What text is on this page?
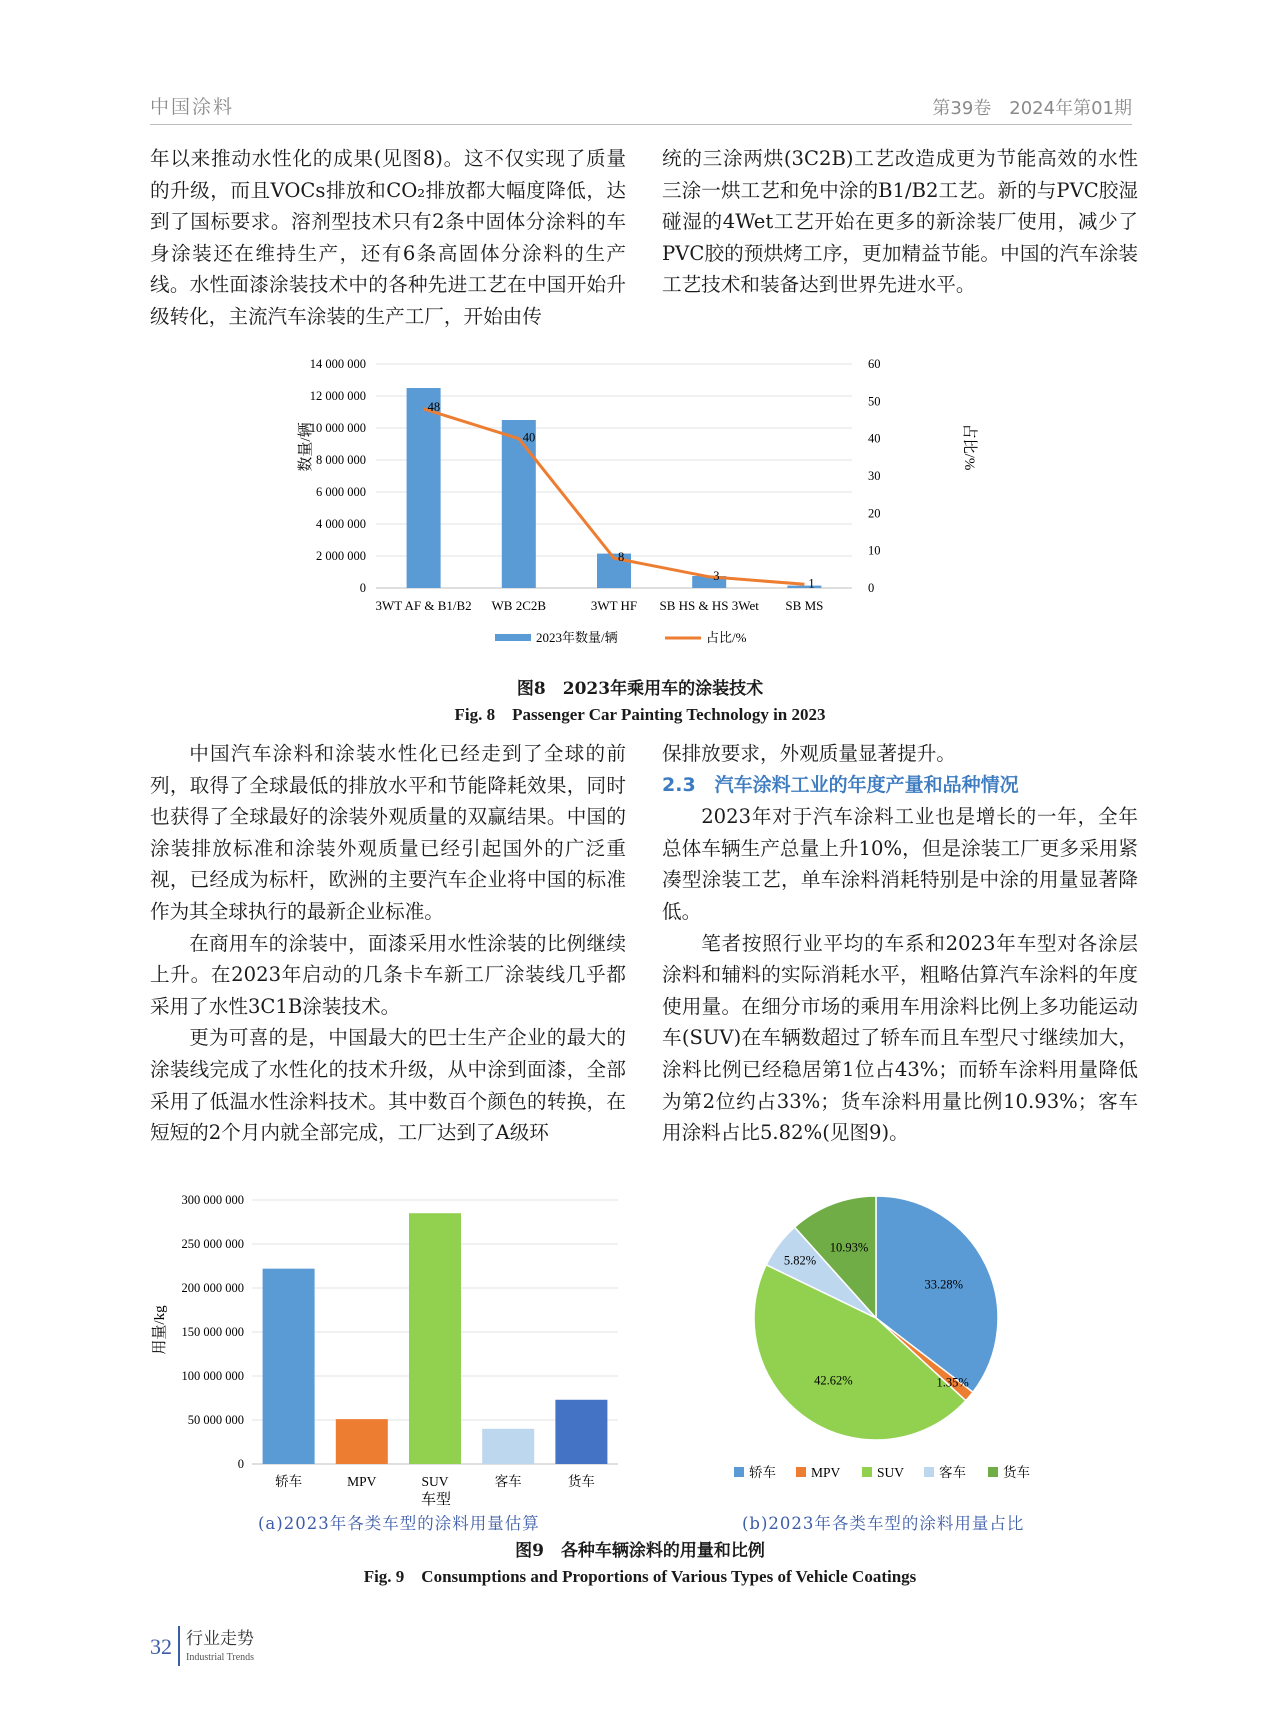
中国涂料	第39卷　2024年第01期

年以来推动水性化的成果(见图8)。这不仅实现了质量的升级，而且VOCs排放和CO₂排放都大幅度降低，达到了国标要求。溶剂型技术只有2条中固体分涂料的车身涂装还在维持生产，还有6条高固体分涂料的生产线。水性面漆涂装技术中的各种先进工艺在中国开始升级转化，主流汽车涂装的生产工厂，开始由传

统的三涂两烘(3C2B)工艺改造成更为节能高效的水性三涂一烘工艺和免中涂的B1/B2工艺。新的与PVC胶湿碰湿的4Wet工艺开始在更多的新涂装厂使用，减少了PVC胶的预烘烤工序，更加精益节能。中国的汽车涂装工艺技术和装备达到世界先进水平。

0
2 000 000
4 000 000
6 000 000
8 000 000
10 000 000
12 000 000
14 000 000
0
10
20
30
40
50
60
48
40
8
3
1
3WT AF & B1/B2 WB 2C2B	3WT HF SB HS & HS 3Wet SB MS
数量/辆	占比/%
2023年数量/辆	占比/%
图8　2023年乘用车的涂装技术
Fig. 8　Passenger Car Painting Technology in 2023

中国汽车涂料和涂装水性化已经走到了全球的前列，取得了全球最低的排放水平和节能降耗效果，同时也获得了全球最好的涂装外观质量的双赢结果。中国的涂装排放标准和涂装外观质量已经引起国外的广泛重视，已经成为标杆，欧洲的主要汽车企业将中国的标准作为其全球执行的最新企业标准。

在商用车的涂装中，面漆采用水性涂装的比例继续上升。在2023年启动的几条卡车新工厂涂装线几乎都采用了水性3C1B涂装技术。

更为可喜的是，中国最大的巴士生产企业的最大的涂装线完成了水性化的技术升级，从中涂到面漆，全部采用了低温水性涂料技术。其中数百个颜色的转换，在短短的2个月内就全部完成，工厂达到了A级环

保排放要求，外观质量显著提升。

2.3　汽车涂料工业的年度产量和品种情况

2023年对于汽车涂料工业也是增长的一年，全年总体车辆生产总量上升10%，但是涂装工厂更多采用紧凑型涂装工艺，单车涂料消耗特别是中涂的用量显著降低。

笔者按照行业平均的车系和2023年车型对各涂层涂料和辅料的实际消耗水平，粗略估算汽车涂料的年度使用量。在细分市场的乘用车用涂料比例上多功能运动车(SUV)在车辆数超过了轿车而且车型尺寸继续加大，涂料比例已经稳居第1位占43%；而轿车涂料用量降低为第2位约占33%；货车涂料用量比例10.93%；客车用涂料占比5.82%(见图9)。

0
50 000 000
100 000 000
150 000 000
200 000 000
250 000 000
300 000 000
轿车	MPV	SUV	客车	货车
用量/kg
车型
33.28%
1.35%
42.62%
5.82%
10.93%
轿车	MPV	SUV	客车	货车
(a)2023年各类车型的涂料用量估算	(b)2023年各类车型的涂料用量占比
图9　各种车辆涂料的用量和比例
Fig. 9　Consumptions and Proportions of Various Types of Vehicle Coatings
32 行业走势
Industrial Trends
